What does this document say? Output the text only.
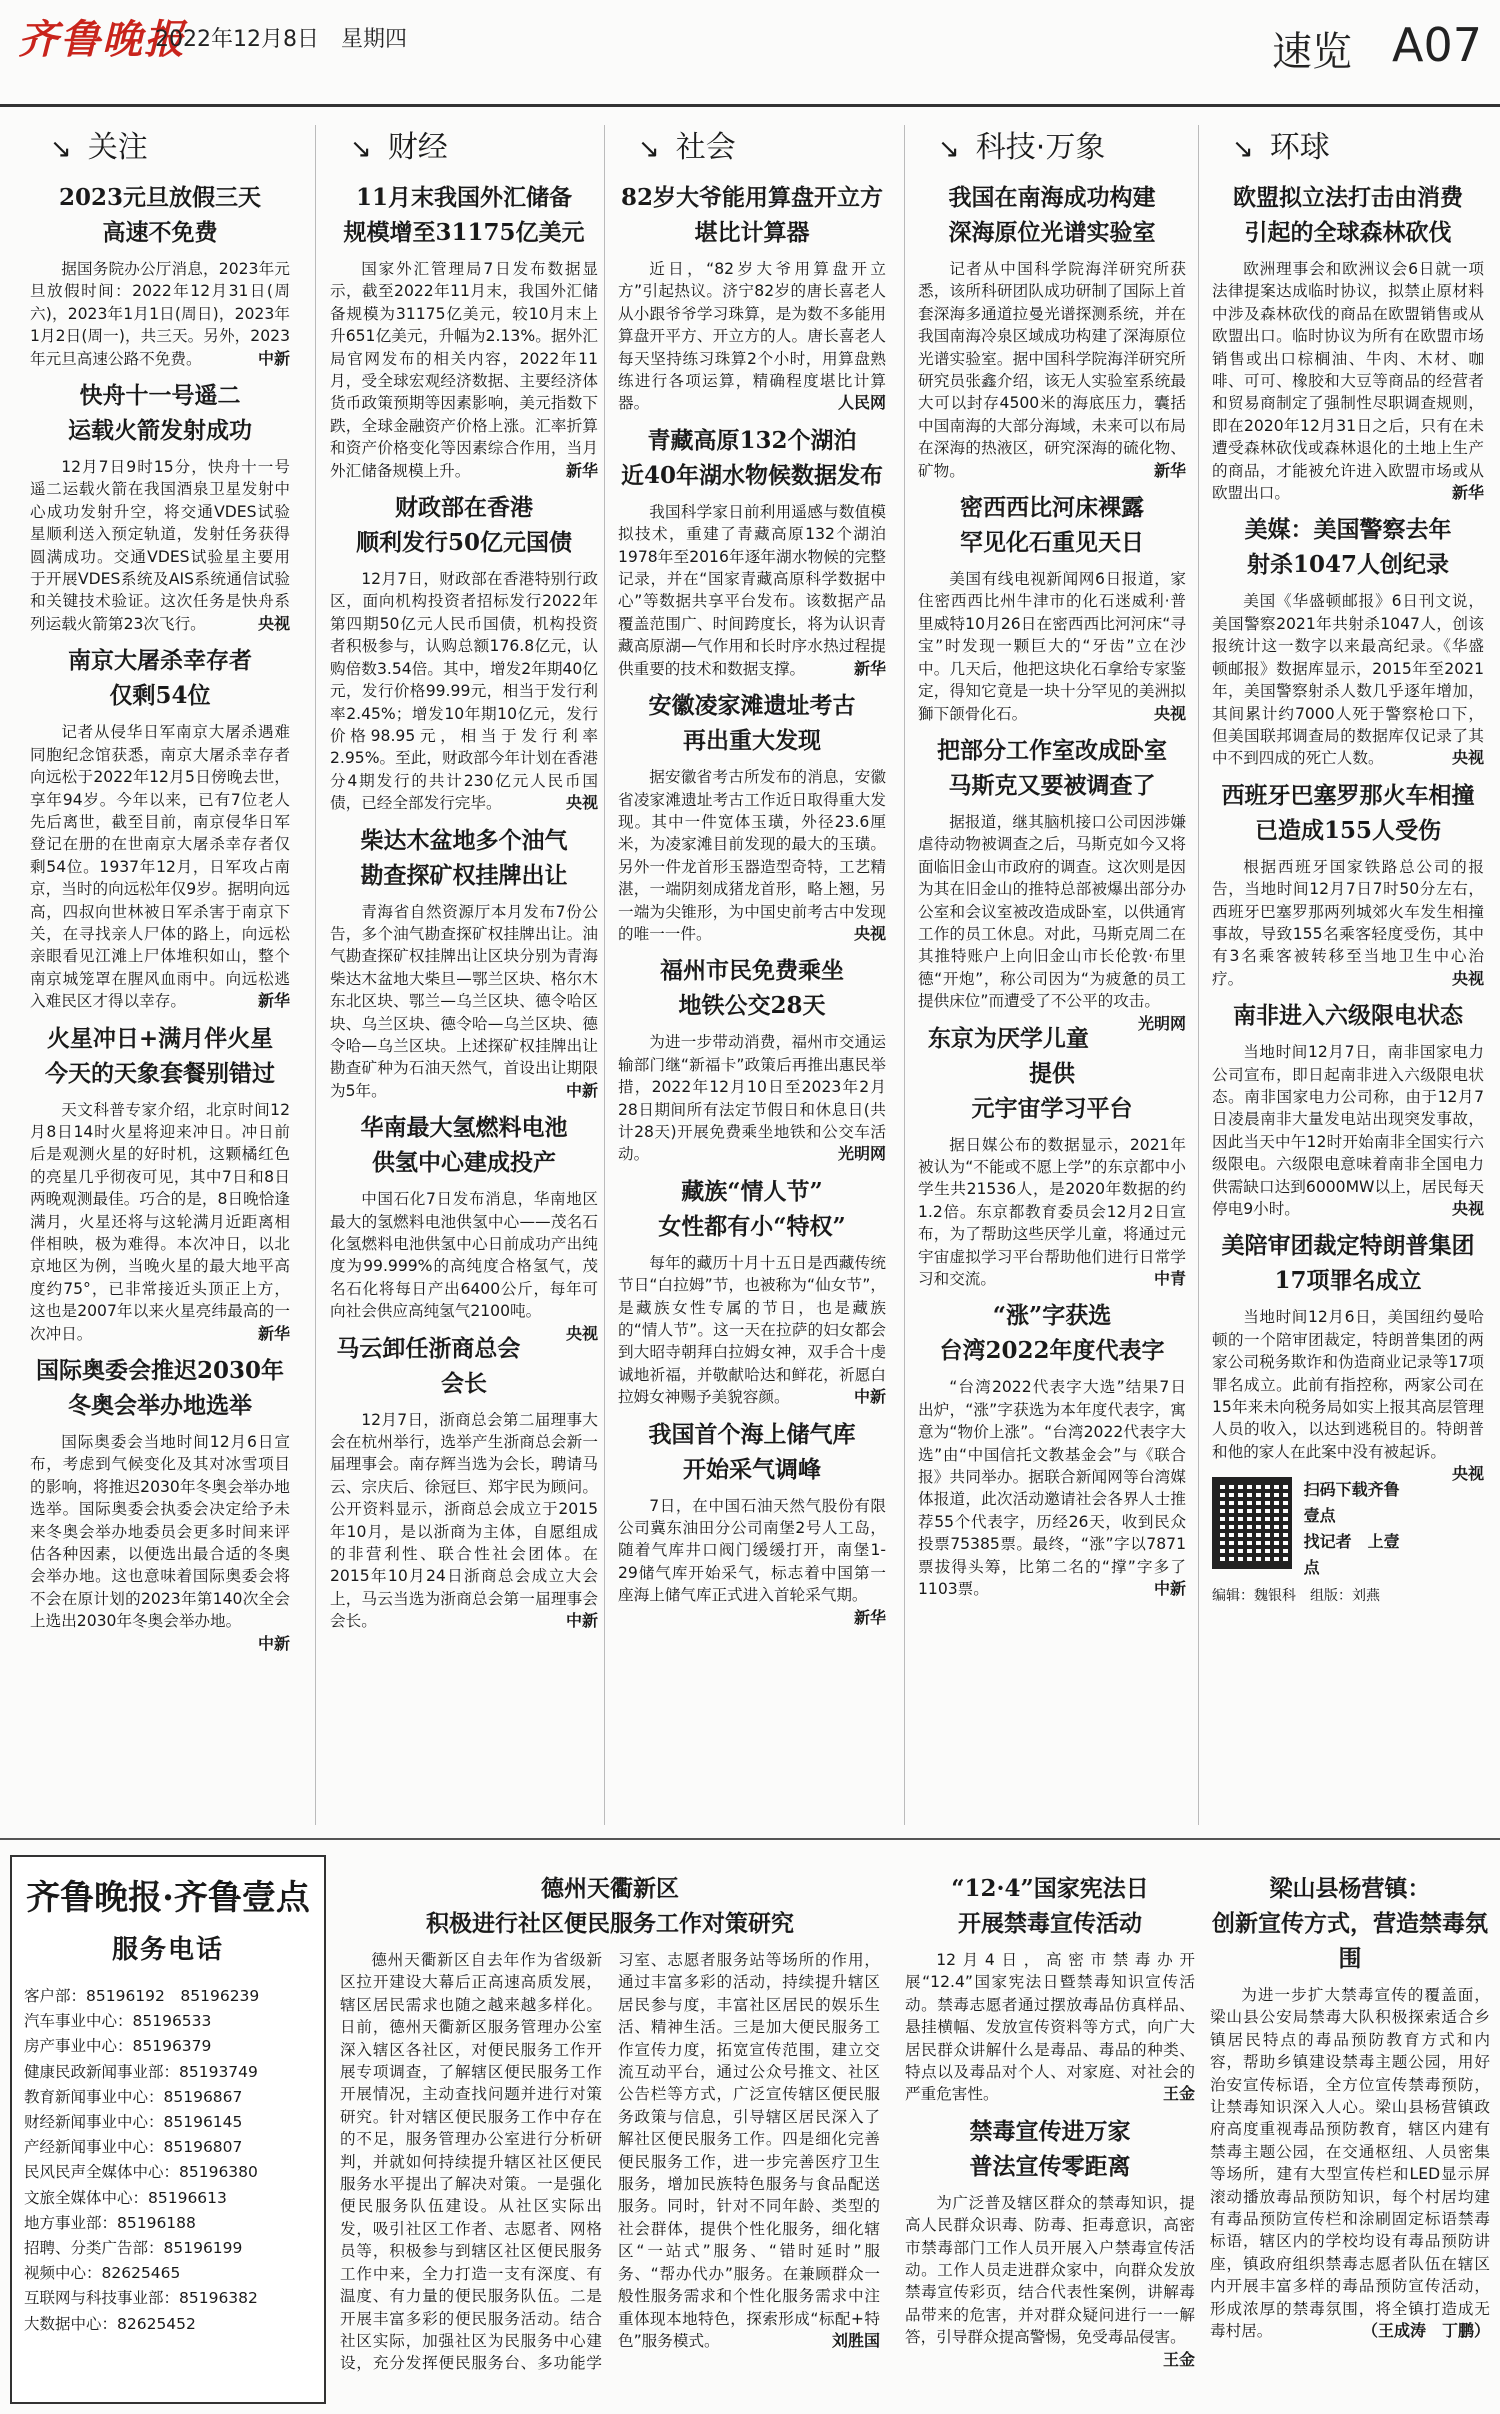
齐鲁晚报
2022年12月8日　星期四	速览 A07
↘ 关注
2023元旦放假三天
高速不免费

据国务院办公厅消息，2023年元旦放假时间：2022年12月31日(周六)，2023年1月1日(周日)，2023年1月2日(周一)，共三天。另外，2023年元旦高速公路不免费。	中新

快舟十一号遥二
运载火箭发射成功

12月7日9时15分，快舟十一号遥二运载火箭在我国酒泉卫星发射中心成功发射升空，将交通VDES试验星顺利送入预定轨道，发射任务获得圆满成功。交通VDES试验星主要用于开展VDES系统及AIS系统通信试验和关键技术验证。这次任务是快舟系列运载火箭第23次飞行。	央视

南京大屠杀幸存者
仅剩54位

记者从侵华日军南京大屠杀遇难同胞纪念馆获悉，南京大屠杀幸存者向远松于2022年12月5日傍晚去世，享年94岁。今年以来，已有7位老人先后离世，截至目前，南京侵华日军登记在册的在世南京大屠杀幸存者仅剩54位。1937年12月，日军攻占南京，当时的向远松年仅9岁。据明向远高，四叔向世林被日军杀害于南京下关，在寻找亲人尸体的路上，向远松亲眼看见江滩上尸体堆积如山，整个南京城笼罩在腥风血雨中。向远松逃入难民区才得以幸存。	新华

火星冲日+满月伴火星
今天的天象套餐别错过

天文科普专家介绍，北京时间12月8日14时火星将迎来冲日。冲日前后是观测火星的好时机，这颗橘红色的亮星几乎彻夜可见，其中7日和8日两晚观测最佳。巧合的是，8日晚恰逢满月，火星还将与这轮满月近距离相伴相映，极为难得。本次冲日，以北京地区为例，当晚火星的最大地平高度约75°，已非常接近头顶正上方，这也是2007年以来火星亮纬最高的一次冲日。	新华

国际奥委会推迟2030年
冬奥会举办地选举

国际奥委会当地时间12月6日宣布，考虑到气候变化及其对冰雪项目的影响，将推迟2030年冬奥会举办地选举。国际奥委会执委会决定给予未来冬奥会举办地委员会更多时间来评估各种因素，以便选出最合适的冬奥会举办地。这也意味着国际奥委会将不会在原计划的2023年第140次全会上选出2030年冬奥会举办地。
中新

↘ 财经
11月末我国外汇储备
规模增至31175亿美元

国家外汇管理局7日发布数据显示，截至2022年11月末，我国外汇储备规模为31175亿美元，较10月末上升651亿美元，升幅为2.13%。据外汇局官网发布的相关内容，2022年11月，受全球宏观经济数据、主要经济体货币政策预期等因素影响，美元指数下跌，全球金融资产价格上涨。汇率折算和资产价格变化等因素综合作用，当月外汇储备规模上升。	新华

财政部在香港
顺利发行50亿元国债

12月7日，财政部在香港特别行政区，面向机构投资者招标发行2022年第四期50亿元人民币国债，机构投资者积极参与，认购总额176.8亿元，认购倍数3.54倍。其中，增发2年期40亿元，发行价格99.99元，相当于发行利率2.45%；增发10年期10亿元，发行价格98.95元，相当于发行利率2.95%。至此，财政部今年计划在香港分4期发行的共计230亿元人民币国债，已经全部发行完毕。	央视

柴达木盆地多个油气
勘查探矿权挂牌出让

青海省自然资源厅本月发布7份公告，多个油气勘查探矿权挂牌出让。油气勘查探矿权挂牌出让区块分别为青海柴达木盆地大柴旦—鄂兰区块、格尔木东北区块、鄂兰—乌兰区块、德令哈区块、乌兰区块、德令哈—乌兰区块、德令哈—乌兰区块。上述探矿权挂牌出让勘查矿种为石油天然气，首设出让期限为5年。	中新

华南最大氢燃料电池
供氢中心建成投产

中国石化7日发布消息，华南地区最大的氢燃料电池供氢中心——茂名石化氢燃料电池供氢中心日前成功产出纯度为99.999%的高纯度合格氢气，茂名石化将每日产出6400公斤，每年可向社会供应高纯氢气2100吨。
央视

马云卸任浙商总会会长

12月7日，浙商总会第二届理事大会在杭州举行，选举产生浙商总会新一届理事会。南存辉当选为会长，聘请马云、宗庆后、徐冠巨、郑宇民为顾问。公开资料显示，浙商总会成立于2015年10月，是以浙商为主体，自愿组成的非营利性、联合性社会团体。在2015年10月24日浙商总会成立大会上，马云当选为浙商总会第一届理事会会长。	中新

↘ 社会
82岁大爷能用算盘开立方
堪比计算器

近日，“82岁大爷用算盘开立方”引起热议。济宁82岁的唐长喜老人从小跟爷爷学习珠算，是为数不多能用算盘开平方、开立方的人。唐长喜老人每天坚持练习珠算2个小时，用算盘熟练进行各项运算，精确程度堪比计算器。	人民网

青藏高原132个湖泊
近40年湖水物候数据发布

我国科学家日前利用遥感与数值模拟技术，重建了青藏高原132个湖泊1978年至2016年逐年湖水物候的完整记录，并在“国家青藏高原科学数据中心”等数据共享平台发布。该数据产品覆盖范围广、时间跨度长，将为认识青藏高原湖—气作用和长时序水热过程提供重要的技术和数据支撑。	新华

安徽凌家滩遗址考古
再出重大发现

据安徽省考古所发布的消息，安徽省凌家滩遗址考古工作近日取得重大发现。其中一件宽体玉璜，外径23.6厘米，为凌家滩目前发现的最大的玉璜。另外一件龙首形玉器造型奇特，工艺精湛，一端阴刻成猪龙首形，略上翘，另一端为尖锥形，为中国史前考古中发现的唯一一件。	央视

福州市民免费乘坐
地铁公交28天

为进一步带动消费，福州市交通运输部门继“新福卡”政策后再推出惠民举措，2022年12月10日至2023年2月28日期间所有法定节假日和休息日(共计28天)开展免费乘坐地铁和公交车活动。	光明网

藏族“情人节”
女性都有小“特权”

每年的藏历十月十五日是西藏传统节日“白拉姆”节，也被称为“仙女节”，是藏族女性专属的节日，也是藏族的“情人节”。这一天在拉萨的妇女都会到大昭寺朝拜白拉姆女神，双手合十虔诚地祈福，并敬献哈达和鲜花，祈愿白拉姆女神赐予美貌容颜。	中新

我国首个海上储气库
开始采气调峰

7日，在中国石油天然气股份有限公司冀东油田分公司南堡2号人工岛，随着气库井口阀门缓缓打开，南堡1-29储气库开始采气，标志着中国第一座海上储气库正式进入首轮采气期。
新华

↘ 科技·万象
我国在南海成功构建
深海原位光谱实验室

记者从中国科学院海洋研究所获悉，该所科研团队成功研制了国际上首套深海多通道拉曼光谱探测系统，并在我国南海冷泉区域成功构建了深海原位光谱实验室。据中国科学院海洋研究所研究员张鑫介绍，该无人实验室系统最大可以封存4500米的海底压力，囊括中国南海的大部分海域，未来可以布局在深海的热液区，研究深海的硫化物、矿物。	新华

密西西比河床裸露
罕见化石重见天日

美国有线电视新闻网6日报道，家住密西西比州牛津市的化石迷威利·普里威特10月26日在密西西比河河床“寻宝”时发现一颗巨大的“牙齿”立在沙中。几天后，他把这块化石拿给专家鉴定，得知它竟是一块十分罕见的美洲拟獅下颌骨化石。	央视

把部分工作室改成卧室
马斯克又要被调查了

据报道，继其脑机接口公司因涉嫌虐待动物被调查之后，马斯克如今又将面临旧金山市政府的调查。这次则是因为其在旧金山的推特总部被爆出部分办公室和会议室被改造成卧室，以供通宵工作的员工休息。对此，马斯克周二在其推特账户上向旧金山市长伦敦·布里德“开炮”，称公司因为“为疲惫的员工提供床位”而遭受了不公平的攻击。
光明网

东京为厌学儿童提供
元宇宙学习平台

据日媒公布的数据显示，2021年被认为“不能或不愿上学”的东京都中小学生共21536人，是2020年数据的约1.2倍。东京都教育委员会12月2日宣布，为了帮助这些厌学儿童，将通过元宇宙虚拟学习平台帮助他们进行日常学习和交流。	中青

“涨”字获选
台湾2022年度代表字

“台湾2022代表字大选”结果7日出炉，“涨”字获选为本年度代表字，寓意为“物价上涨”。“台湾2022代表字大选”由“中国信托文教基金会”与《联合报》共同举办。据联合新闻网等台湾媒体报道，此次活动邀请社会各界人士推荐55个代表字，历经26天，收到民众投票75385票。最终，“涨”字以7871票拔得头筹，比第二名的“撑”字多了1103票。	中新

↘ 环球
欧盟拟立法打击由消费
引起的全球森林砍伐

欧洲理事会和欧洲议会6日就一项法律提案达成临时协议，拟禁止原材料中涉及森林砍伐的商品在欧盟销售或从欧盟出口。临时协议为所有在欧盟市场销售或出口棕榈油、牛肉、木材、咖啡、可可、橡胶和大豆等商品的经营者和贸易商制定了强制性尽职调查规则，即在2020年12月31日之后，只有在未遭受森林砍伐或森林退化的土地上生产的商品，才能被允许进入欧盟市场或从欧盟出口。	新华

美媒：美国警察去年
射杀1047人创纪录

美国《华盛顿邮报》6日刊文说，美国警察2021年共射杀1047人，创该报统计这一数字以来最高纪录。《华盛顿邮报》数据库显示，2015年至2021年，美国警察射杀人数几乎逐年增加，其间累计约7000人死于警察枪口下，但美国联邦调查局的数据库仅记录了其中不到四成的死亡人数。	央视

西班牙巴塞罗那火车相撞
已造成155人受伤

根据西班牙国家铁路总公司的报告，当地时间12月7日7时50分左右，西班牙巴塞罗那两列城郊火车发生相撞事故，导致155名乘客轻度受伤，其中有3名乘客被转移至当地卫生中心治疗。	央视

南非进入六级限电状态

当地时间12月7日，南非国家电力公司宣布，即日起南非进入六级限电状态。南非国家电力公司称，由于12月7日凌晨南非大量发电站出现突发事故，因此当天中午12时开始南非全国实行六级限电。六级限电意味着南非全国电力供需缺口达到6000MW以上，居民每天停电9小时。	央视

美陪审团裁定特朗普集团
17项罪名成立

当地时间12月6日，美国纽约曼哈顿的一个陪审团裁定，特朗普集团的两家公司税务欺诈和伪造商业记录等17项罪名成立。此前有指控称，两家公司在15年来未向税务局如实上报其高层管理人员的收入，以达到逃税目的。特朗普和他的家人在此案中没有被起诉。
央视

扫码下载齐鲁壹点
找记者　上壹点
编辑：魏银科　组版：刘燕
齐鲁晚报·齐鲁壹点
服务电话
客户部：85196192　85196239
汽车事业中心：85196533
房产事业中心：85196379
健康民政新闻事业部：85193749
教育新闻事业中心：85196867
财经新闻事业中心：85196145
产经新闻事业中心：85196807
民风民声全媒体中心：85196380
文旅全媒体中心：85196613
地方事业部：85196188
招聘、分类广告部：85196199
视频中心：82625465
互联网与科技事业部：85196382
大数据中心：82625452
德州天衢新区
积极进行社区便民服务工作对策研究

德州天衢新区自去年作为省级新区拉开建设大幕后正高速高质发展，辖区居民需求也随之越来越多样化。日前，德州天衢新区服务管理办公室深入辖区各社区，对便民服务工作开展专项调查，了解辖区便民服务工作开展情况，主动查找问题并进行对策研究。针对辖区便民服务工作中存在的不足，服务管理办公室进行分析研判，并就如何持续提升辖区社区便民服务水平提出了解决对策。一是强化便民服务队伍建设。从社区实际出发，吸引社区工作者、志愿者、网格员等，积极参与到辖区社区便民服务工作中来，全力打造一支有深度、有温度、有力量的便民服务队伍。二是开展丰富多彩的便民服务活动。结合社区实际，加强社区为民服务中心建设，充分发挥便民服务台、多功能学习室、志愿者服务站等场所的作用，通过丰富多彩的活动，持续提升辖区居民参与度，丰富社区居民的娱乐生活、精神生活。三是加大便民服务工作宣传力度，拓宽宣传范围，建立交流互动平台，通过公众号推文、社区公告栏等方式，广泛宣传辖区便民服务政策与信息，引导辖区居民深入了解社区便民服务工作。四是细化完善便民服务工作，进一步完善医疗卫生服务，增加民族特色服务与食品配送服务。同时，针对不同年龄、类型的社会群体，提供个性化服务，细化辖区“一站式”服务、“错时延时”服务、“帮办代办”服务。在兼顾群众一般性服务需求和个性化服务需求中注重体现本地特色，探索形成“标配+特色”服务模式。	刘胜国

“12·4”国家宪法日
开展禁毒宣传活动

12月4日，高密市禁毒办开展“12.4”国家宪法日暨禁毒知识宣传活动。禁毒志愿者通过摆放毒品仿真样品、悬挂横幅、发放宣传资料等方式，向广大居民群众讲解什么是毒品、毒品的种类、特点以及毒品对个人、对家庭、对社会的严重危害性。	王金

禁毒宣传进万家
普法宣传零距离

为广泛普及辖区群众的禁毒知识，提高人民群众识毒、防毒、拒毒意识，高密市禁毒部门工作人员开展入户禁毒宣传活动。工作人员走进群众家中，向群众发放禁毒宣传彩页，结合代表性案例，讲解毒品带来的危害，并对群众疑问进行一一解答，引导群众提高警惕，免受毒品侵害。
王金

梁山县杨营镇：
创新宣传方式，营造禁毒氛围

为进一步扩大禁毒宣传的覆盖面，梁山县公安局禁毒大队积极探索适合乡镇居民特点的毒品预防教育方式和内容，帮助乡镇建设禁毒主题公园，用好治安宣传标语，全方位宣传禁毒预防，让禁毒知识深入人心。梁山县杨营镇政府高度重视毒品预防教育，辖区内建有禁毒主题公园，在交通枢纽、人员密集等场所，建有大型宣传栏和LED显示屏滚动播放毒品预防知识，每个村居均建有毒品预防宣传栏和涂刷固定标语禁毒标语，辖区内的学校均设有毒品预防讲座，镇政府组织禁毒志愿者队伍在辖区内开展丰富多样的毒品预防宣传活动，形成浓厚的禁毒氛围，将全镇打造成无毒村居。	（王成涛　丁鹏）
